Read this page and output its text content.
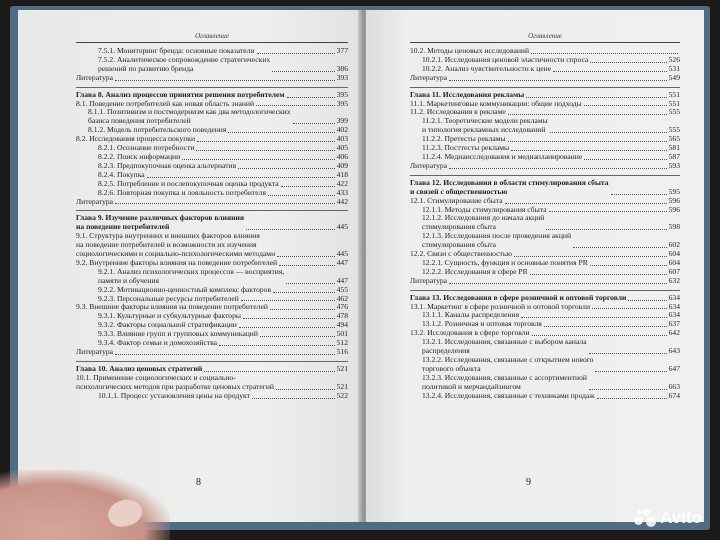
Оглавление
7.5.1. Мониторинг бренда: основные показатели	377
7.5.2. Аналитическое сопровождение стратегических
решений по развитию бренда	386
Литература	393
Глава 8. Анализ процессов принятия решения потребителем	395
8.1. Поведение потребителей как новая область знаний	395
8.1.1. Позитивизм и постмодернизм как два методологических
базиса поведения потребителей	399
8.1.2. Модель потребительского поведения	402
8.2. Исследования процесса покупки	403
8.2.1. Осознание потребности	405
8.2.2. Поиск информации	406
8.2.3. Предпокупочная оценка альтернатив	409
8.2.4. Покупка	418
8.2.5. Потребление и послепокупочная оценка продукта	422
8.2.6. Повторная покупка и лояльность потребителя	433
Литература	442
Глава 9. Изучение различных факторов влияния
на поведение потребителей	445
9.1. Структура внутренних и внешних факторов влияния
на поведение потребителей и возможности их изучения
социологическими и социально-психологическими методами	445
9.2. Внутренние факторы влияния на поведение потребителей	447
9.2.1. Анализ психологических процессов — восприятия,
памяти и обучения	447
9.2.2. Мотивационно-ценностный комплекс факторов	455
9.2.3. Персональные ресурсы потребителей	462
9.3. Внешние факторы влияния на поведение потребителей	476
9.3.1. Культурные и субкультурные факторы	478
9.3.2. Факторы социальной стратификации	494
9.3.3. Влияние групп и групповых коммуникаций	501
9.3.4. Фактор семьи и домохозяйства	512
Литература	516
Глава 10. Анализ ценовых стратегий	521
10.1. Применение социологических и социально-
психологических методов при разработке ценовых стратегий	521
10.1.1. Процесс установления цены на продукт	522
8
Оглавление
10.2. Методы ценовых исследований
10.2.1. Исследования ценовой эластичности спроса	526
10.2.2. Анализ чувствительности к цене	531
Литература	549
Глава 11. Исследования рекламы	551
11.1. Маркетинговые коммуникации: общие подходы	551
11.2. Исследования в рекламе	555
11.2.1. Теоретические модели рекламы
и типология рекламных исследований	555
11.2.2. Претесты рекламы	565
11.2.3. Посттесты рекламы	581
11.2.4. Медиаисследования и медиапланирование	587
Литература	593
Глава 12. Исследования в области стимулирования сбыта
и связей с общественностью	595
12.1. Стимулирование сбыта	596
12.1.1. Методы стимулирования сбыта	596
12.1.2. Исследования до начала акций
стимулирования сбыта	598
12.1.3. Исследования после проведения акций
стимулирования сбыта	602
12.2. Связи с общественностью	604
12.2.1. Сущность, функция и основные понятия PR	604
12.2.2. Исследования в сфере PR	607
Литература	632
Глава 13. Исследования в сфере розничной и оптовой торговли	634
13.1. Маркетинг в сфере розничной и оптовой торговли	634
13.1.1. Каналы распределения	634
13.1.2. Розничная и оптовая торговля	637
13.2. Исследования в сфере торговли	642
13.2.1. Исследования, связанные с выбором канала
распределения	643
13.2.2. Исследования, связанные с открытием нового
торгового объекта	647
13.2.3. Исследования, связанные с ассортиментной
политикой и мерчандайзингом	663
13.2.4. Исследования, связанные с техниками продаж	674
9
Avito
